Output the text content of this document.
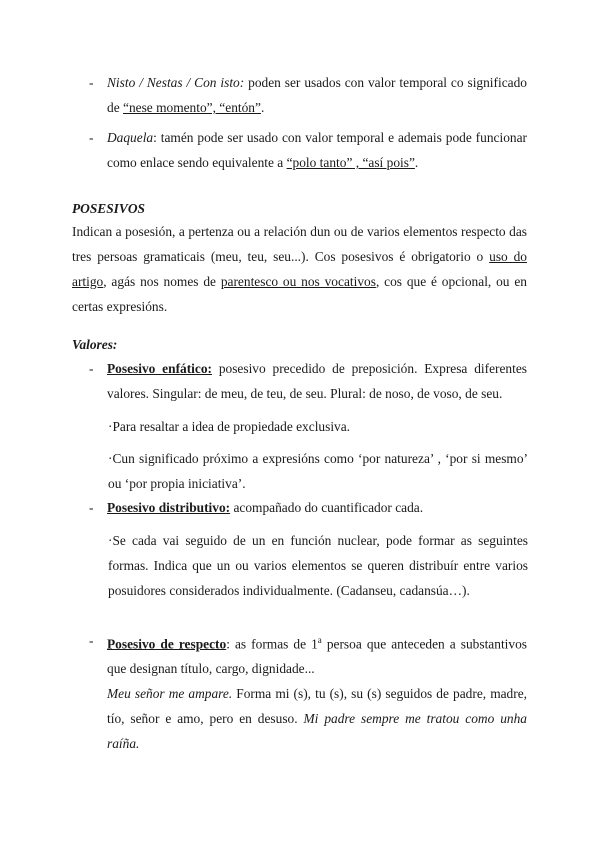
- Nisto / Nestas / Con isto: poden ser usados con valor temporal co significado de “nese momento”, “entón”.
- Daquela: tamén pode ser usado con valor temporal e ademais pode funcionar como enlace sendo equivalente a “polo tanto” , “así pois”.
POSESIVOS
Indican a posesión, a pertenza ou a relación dun ou de varios elementos respecto das tres persoas gramaticais (meu, teu, seu...). Cos posesivos é obrigatorio o uso do artigo, agás nos nomes de parentesco ou nos vocativos, cos que é opcional, ou en certas expresións.
Valores:
- Posesivo enfático: posesivo precedido de preposición. Expresa diferentes valores. Singular: de meu, de teu, de seu. Plural: de noso, de voso, de seu.
·Para resaltar a idea de propiedade exclusiva.
·Cun significado próximo a expresións como ‘por natureza’ , ‘por si mesmo’ ou ‘por propia iniciativa’.
- Posesivo distributivo: acompañado do cuantificador cada.
·Se cada vai seguido de un en función nuclear, pode formar as seguintes formas. Indica que un ou varios elementos se queren distribuír entre varios posuidores considerados individualmente. (Cadanseu, cadansúa…).
- Posesivo de respecto: as formas de 1$^a$ persoa que anteceden a substantivos que designan título, cargo, dignidade...
Meu señor me ampare. Forma mi (s), tu (s), su (s) seguidos de padre, madre, tío, señor e amo, pero en desuso. Mi padre sempre me tratou como unha raíña.
